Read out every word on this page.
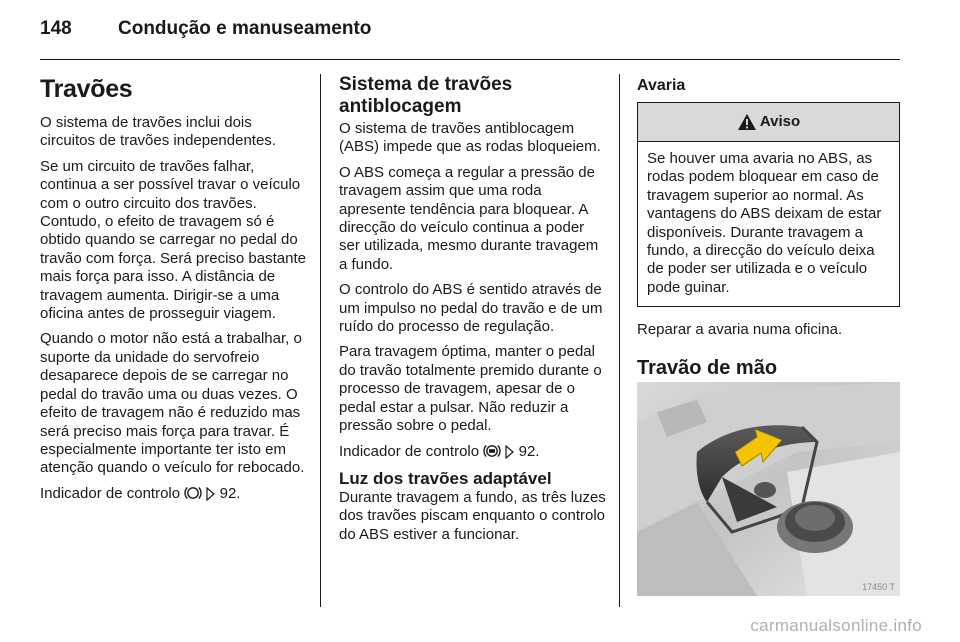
148	Condução e manuseamento
Travões

O sistema de travões inclui dois circuitos de travões independentes.

Se um circuito de travões falhar, continua a ser possível travar o veículo com o outro circuito dos travões. Contudo, o efeito de travagem só é obtido quando se carregar no pedal do travão com força. Será preciso bastante mais força para isso. A distância de travagem aumenta. Dirigir-se a uma oficina antes de prosseguir viagem.

Quando o motor não está a trabalhar, o suporte da unidade do servofreio desaparece depois de se carregar no pedal do travão uma ou duas vezes. O efeito de travagem não é reduzido mas será preciso mais força para travar. É especialmente importante ter isto em atenção quando o veículo for rebocado.

Indicador de controlo	92.

Sistema de travões antiblocagem

O sistema de travões antiblocagem (ABS) impede que as rodas bloqueiem.

O ABS começa a regular a pressão de travagem assim que uma roda apresente tendência para bloquear. A direcção do veículo continua a poder ser utilizada, mesmo durante travagem a fundo.

O controlo do ABS é sentido através de um impulso no pedal do travão e de um ruído do processo de regulação.

Para travagem óptima, manter o pedal do travão totalmente premido durante o processo de travagem, apesar de o pedal estar a pulsar. Não reduzir a pressão sobre o pedal.

Indicador de controlo	92.

Luz dos travões adaptável

Durante travagem a fundo, as três luzes dos travões piscam enquanto o controlo do ABS estiver a funcionar.

Avaria
Aviso
Se houver uma avaria no ABS, as rodas podem bloquear em caso de travagem superior ao normal. As vantagens do ABS deixam de estar disponíveis. Durante travagem a fundo, a direcção do veículo deixa de poder ser utilizada e o veículo pode guinar.

Reparar a avaria numa oficina.

Travão de mão
17450 T
carmanualsonline.info
